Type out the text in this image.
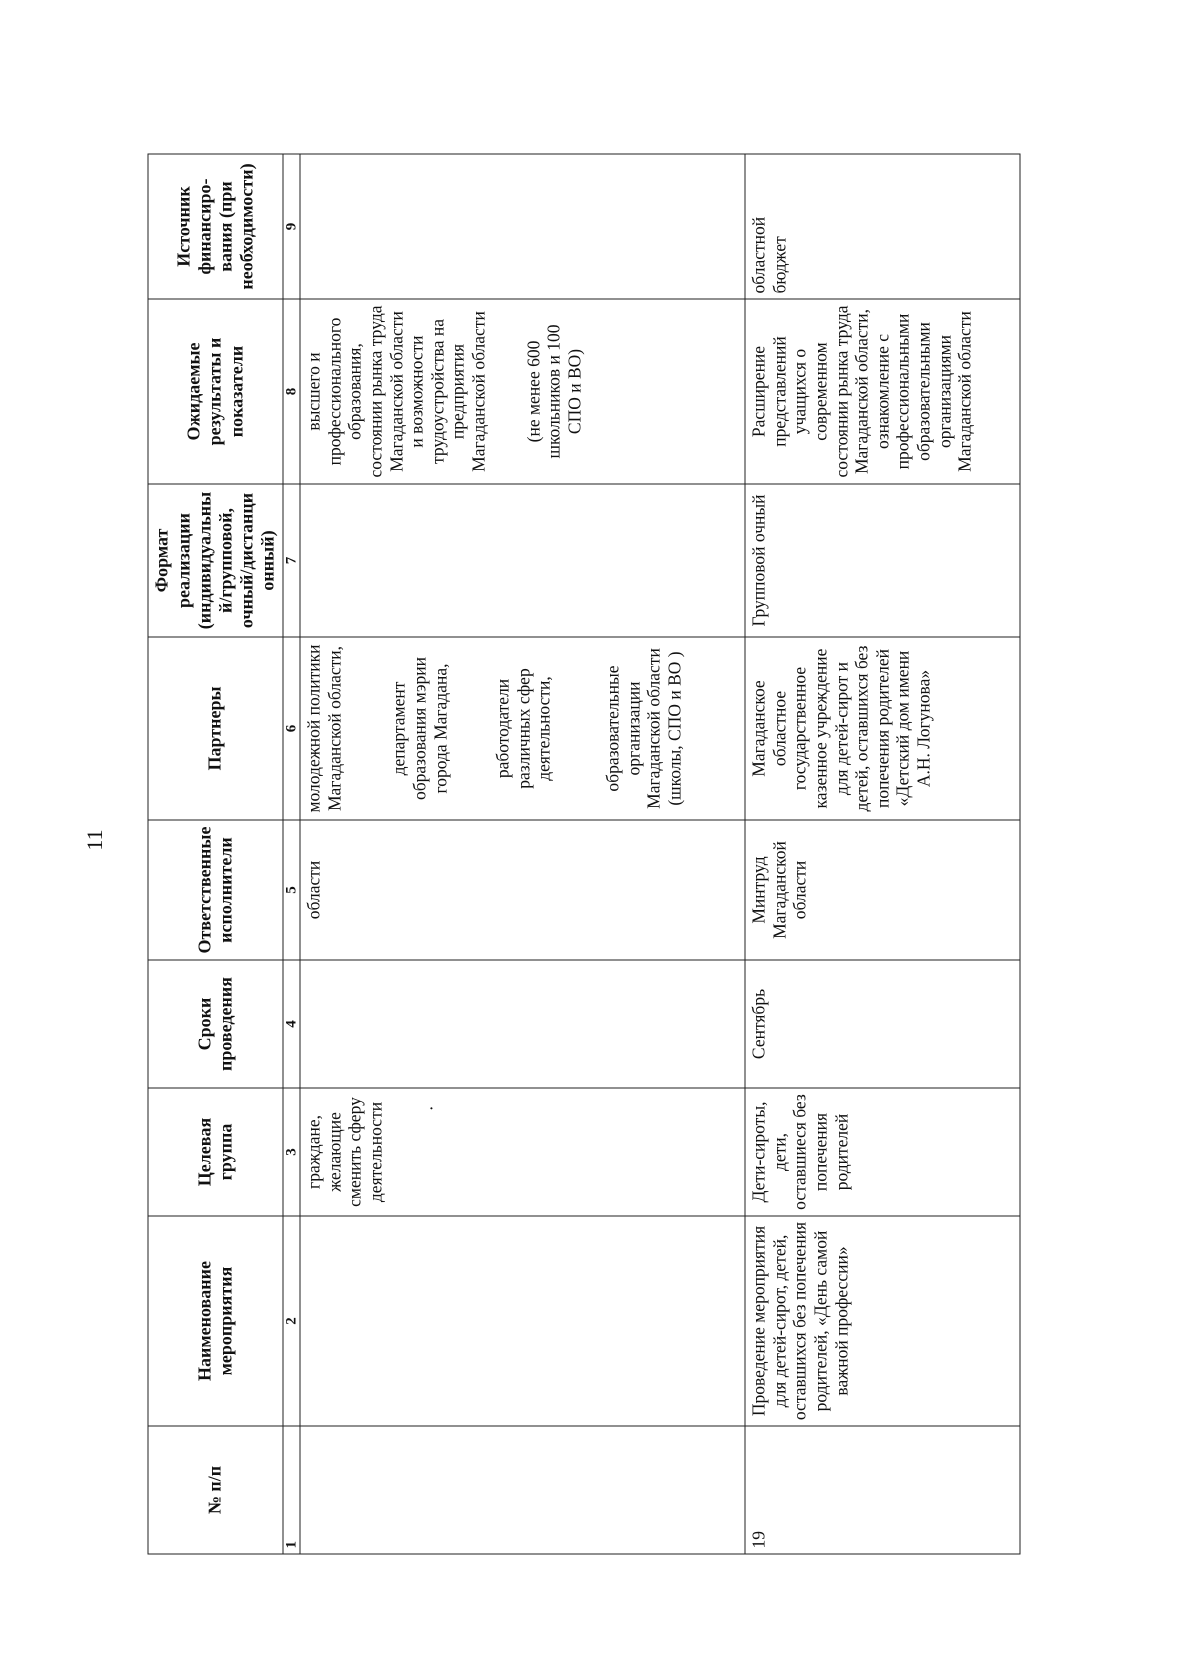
11
№ п/п	Наименование мероприятия	Целевая группа	Сроки проведения	Ответственные исполнители	Партнеры	Формат реализации (индивидуальны й/групповой, очный/дистанци онный)	Ожидаемые результаты и показатели	Источник финансиро-вания (при необходимости)
1	2	3	4	5	6	7	8	9
		граждане, желающие сменить сферу деятельности .		области	молодежной политики Магаданской области, департамент образования мэрии города Магадана, работодатели различных сфер деятельности, образовательные организации Магаданской области (школы, СПО и ВО )		высшего и профессионального образования, состоянии рынка труда Магаданской области и возможности трудоустройства на предприятия Магаданской области (не менее 600 школьников и 100 СПО и ВО)	
19	Проведение мероприятия для детей-сирот, детей, оставшихся без попечения родителей, «День самой важной профессии»	Дети-сироты, дети, оставшиеся без попечения родителей	Сентябрь	Минтруд Магаданской области	Магаданское областное государственное казенное учреждение для детей-сирот и детей, оставшихся без попечения родителей «Детский дом имени А.Н. Логунова»	Групповой очный	Расширение представлений учащихся о современном состоянии рынка труда Магаданской области, ознакомление с профессиональными образовательными организациями Магаданской области	областной бюджет
